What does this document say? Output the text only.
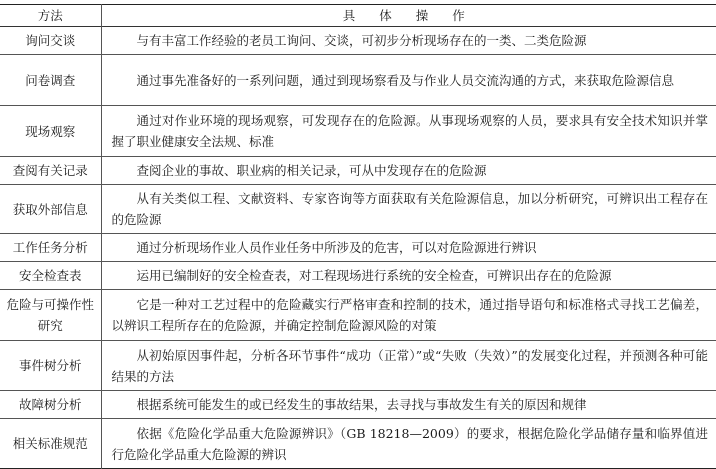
方法	具 体 操 作
询问交谈	与有丰富工作经验的老员工询问、交谈，可初步分析现场存在的一类、二类危险源
问卷调查	通过事先准备好的一系列问题，通过到现场察看及与作业人员交流沟通的方式，来获取危险源信息
现场观察	通过对作业环境的现场观察，可发现存在的危险源。从事现场观察的人员，要求具有安全技术知识并掌握了职业健康安全法规、标准
查阅有关记录	查阅企业的事故、职业病的相关记录，可从中发现存在的危险源
获取外部信息	从有关类似工程、文献资料、专家咨询等方面获取有关危险源信息，加以分析研究，可辨识出工程存在的危险源
工作任务分析	通过分析现场作业人员作业任务中所涉及的危害，可以对危险源进行辨识
安全检查表	运用已编制好的安全检查表，对工程现场进行系统的安全检查，可辨识出存在的危险源
危险与可操作性研究	它是一种对工艺过程中的危险藏实行严格审查和控制的技术，通过指导语句和标准格式寻找工艺偏差，以辨识工程所存在的危险源，并确定控制危险源风险的对策
事件树分析	从初始原因事件起，分析各环节事件“成功（正常）”或“失败（失效）”的发展变化过程，并预测各种可能结果的方法
故障树分析	根据系统可能发生的或已经发生的事故结果，去寻找与事故发生有关的原因和规律
相关标准规范	依据《危险化学品重大危险源辨识》（GB 18218—2009）的要求，根据危险化学品储存量和临界值进行危险化学品重大危险源的辨识
